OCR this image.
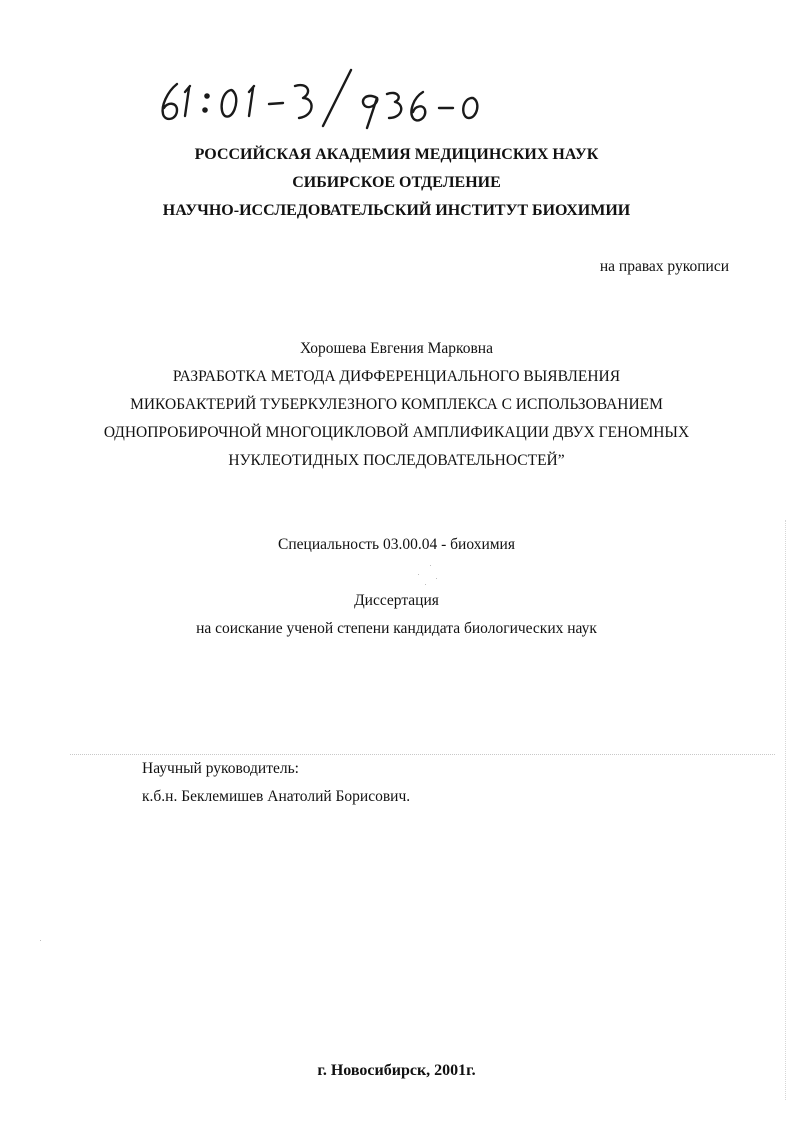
РОССИЙСКАЯ АКАДЕМИЯ МЕДИЦИНСКИХ НАУК
СИБИРСКОЕ ОТДЕЛЕНИЕ
НАУЧНО-ИССЛЕДОВАТЕЛЬСКИЙ ИНСТИТУТ БИОХИМИИ
на правах рукописи
Хорошева Евгения Марковна
РАЗРАБОТКА МЕТОДА ДИФФЕРЕНЦИАЛЬНОГО ВЫЯВЛЕНИЯ
МИКОБАКТЕРИЙ ТУБЕРКУЛЕЗНОГО КОМПЛЕКСА С ИСПОЛЬЗОВАНИЕМ
ОДНОПРОБИРОЧНОЙ МНОГОЦИКЛОВОЙ АМПЛИФИКАЦИИ ДВУХ ГЕНОМНЫХ
НУКЛЕОТИДНЫХ ПОСЛЕДОВАТЕЛЬНОСТЕЙ”
Специальность 03.00.04 - биохимия
Диссертация
на соискание ученой степени кандидата биологических наук
Научный руководитель:
к.б.н. Беклемишев Анатолий Борисович.
г. Новосибирск, 2001г.
